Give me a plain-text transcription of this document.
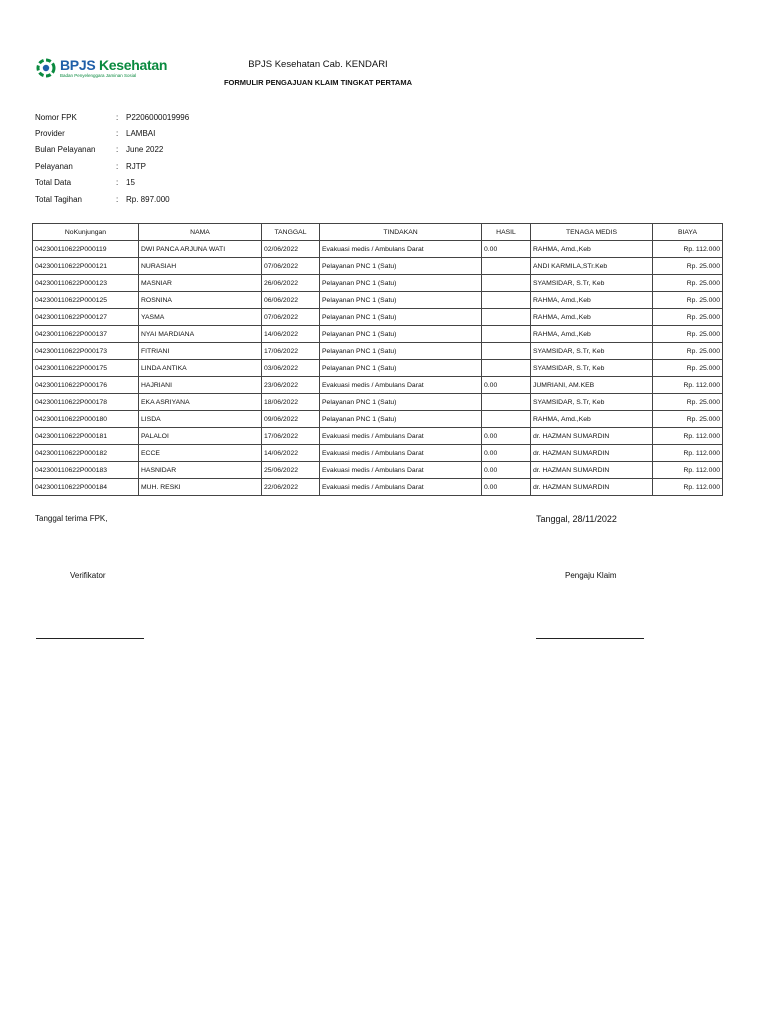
BPJS Kesehatan
Badan Penyelenggara Jaminan Sosial
BPJS Kesehatan Cab. KENDARI
FORMULIR PENGAJUAN KLAIM TINGKAT PERTAMA
Nomor FPK	: P2206000019996
Provider	: LAMBAI
Bulan Pelayanan	: June 2022
Pelayanan	: RJTP
Total Data	: 15
Total Tagihan	: Rp. 897.000
NoKunjungan	NAMA	TANGGAL	TINDAKAN	HASIL	TENAGA MEDIS	BIAYA
042300110622P000119	DWI PANCA ARJUNA WATI	02/06/2022	Evakuasi medis / Ambulans Darat	0.00	RAHMA, Amd.,Keb	Rp. 112.000
042300110622P000121	NURASIAH	07/06/2022	Pelayanan PNC 1 (Satu)		ANDI KARMILA,STr.Keb	Rp. 25.000
042300110622P000123	MASNIAR	26/06/2022	Pelayanan PNC 1 (Satu)		SYAMSIDAR, S.Tr, Keb	Rp. 25.000
042300110622P000125	ROSNINA	06/06/2022	Pelayanan PNC 1 (Satu)		RAHMA, Amd.,Keb	Rp. 25.000
042300110622P000127	YASMA	07/06/2022	Pelayanan PNC 1 (Satu)		RAHMA, Amd.,Keb	Rp. 25.000
042300110622P000137	NYAI MARDIANA	14/06/2022	Pelayanan PNC 1 (Satu)		RAHMA, Amd.,Keb	Rp. 25.000
042300110622P000173	FITRIANI	17/06/2022	Pelayanan PNC 1 (Satu)		SYAMSIDAR, S.Tr, Keb	Rp. 25.000
042300110622P000175	LINDA ANTIKA	03/06/2022	Pelayanan PNC 1 (Satu)		SYAMSIDAR, S.Tr, Keb	Rp. 25.000
042300110622P000176	HAJRIANI	23/06/2022	Evakuasi medis / Ambulans Darat	0.00	JUMRIANI, AM.KEB	Rp. 112.000
042300110622P000178	EKA ASRIYANA	18/06/2022	Pelayanan PNC 1 (Satu)		SYAMSIDAR, S.Tr, Keb	Rp. 25.000
042300110622P000180	LISDA	09/06/2022	Pelayanan PNC 1 (Satu)		RAHMA, Amd.,Keb	Rp. 25.000
042300110622P000181	PALALOI	17/06/2022	Evakuasi medis / Ambulans Darat	0.00	dr. HAZMAN SUMARDIN	Rp. 112.000
042300110622P000182	ECCE	14/06/2022	Evakuasi medis / Ambulans Darat	0.00	dr. HAZMAN SUMARDIN	Rp. 112.000
042300110622P000183	HASNIDAR	25/06/2022	Evakuasi medis / Ambulans Darat	0.00	dr. HAZMAN SUMARDIN	Rp. 112.000
042300110622P000184	MUH. RESKI	22/06/2022	Evakuasi medis / Ambulans Darat	0.00	dr. HAZMAN SUMARDIN	Rp. 112.000
Tanggal terima FPK,	Tanggal, 28/11/2022
Verifikator	Pengaju Klaim
